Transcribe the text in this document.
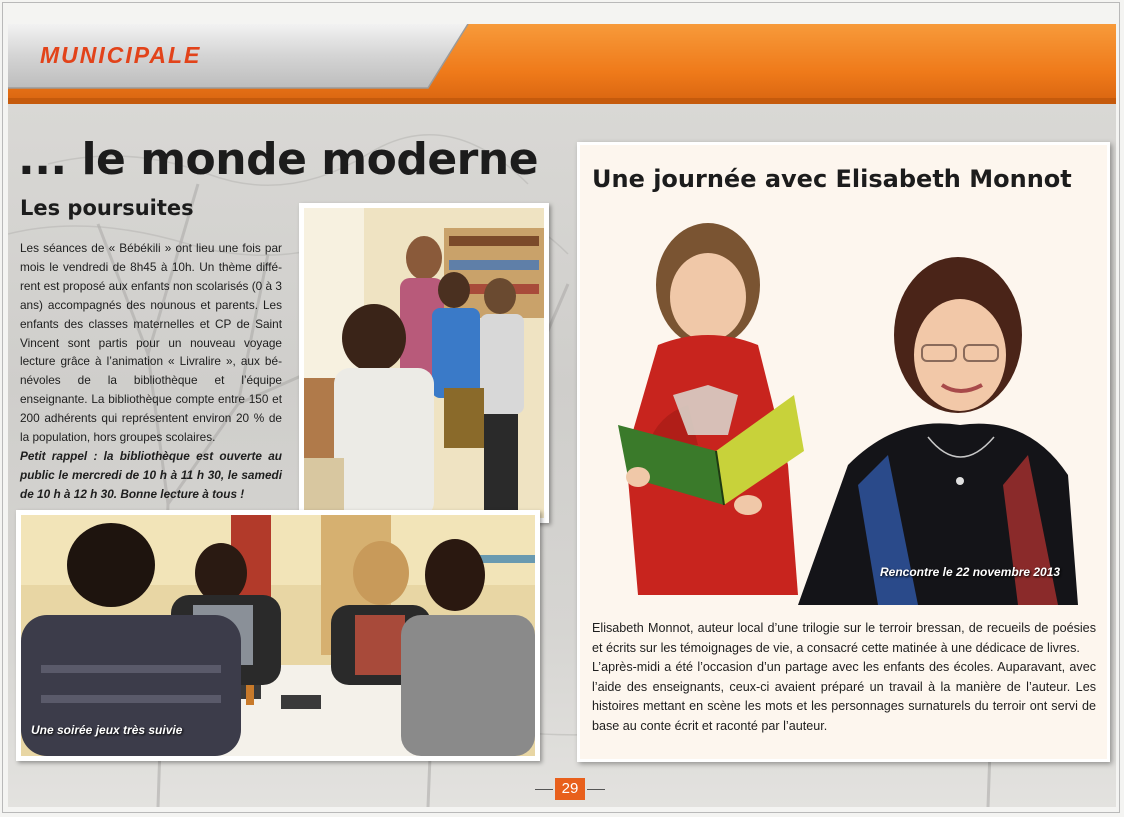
MUNICIPALE
... le monde moderne
Les poursuites

Les séances de « Bébékili » ont lieu une fois par mois le vendredi de 8h45 à 10h. Un thème différent est proposé aux enfants non scolarisés (0 à 3 ans) accompagnés des nounous et parents. Les enfants des classes maternelles et CP de Saint Vincent sont partis pour un nouveau voyage lecture grâce à l’animation « Livralire », aux bénévoles de la bibliothèque et l’équipe enseignante. La bibliothèque compte entre 150 et 200 adhérents qui représentent environ 20 % de la population, hors groupes scolaires.

Petit rappel : la bibliothèque est ouverte au public le mercredi de 10 h à 11 h 30, le samedi de 10 h à 12 h 30. Bonne lecture à tous !

Une soirée jeux très suivie
Une journée avec Elisabeth Monnot
Rencontre le 22 novembre 2013

Elisabeth Monnot, auteur local d’une trilogie sur le terroir bressan, de recueils de poésies et écrits sur les témoignages de vie, a consacré cette matinée à une dédicace de livres.

L’après-midi a été l’occasion d’un partage avec les enfants des écoles. Auparavant, avec l’aide des enseignants, ceux-ci avaient préparé un travail à la manière de l’auteur. Les histoires mettant en scène les mots et les personnages surnaturels du terroir ont servi de base au conte écrit et raconté par l’auteur.

29
